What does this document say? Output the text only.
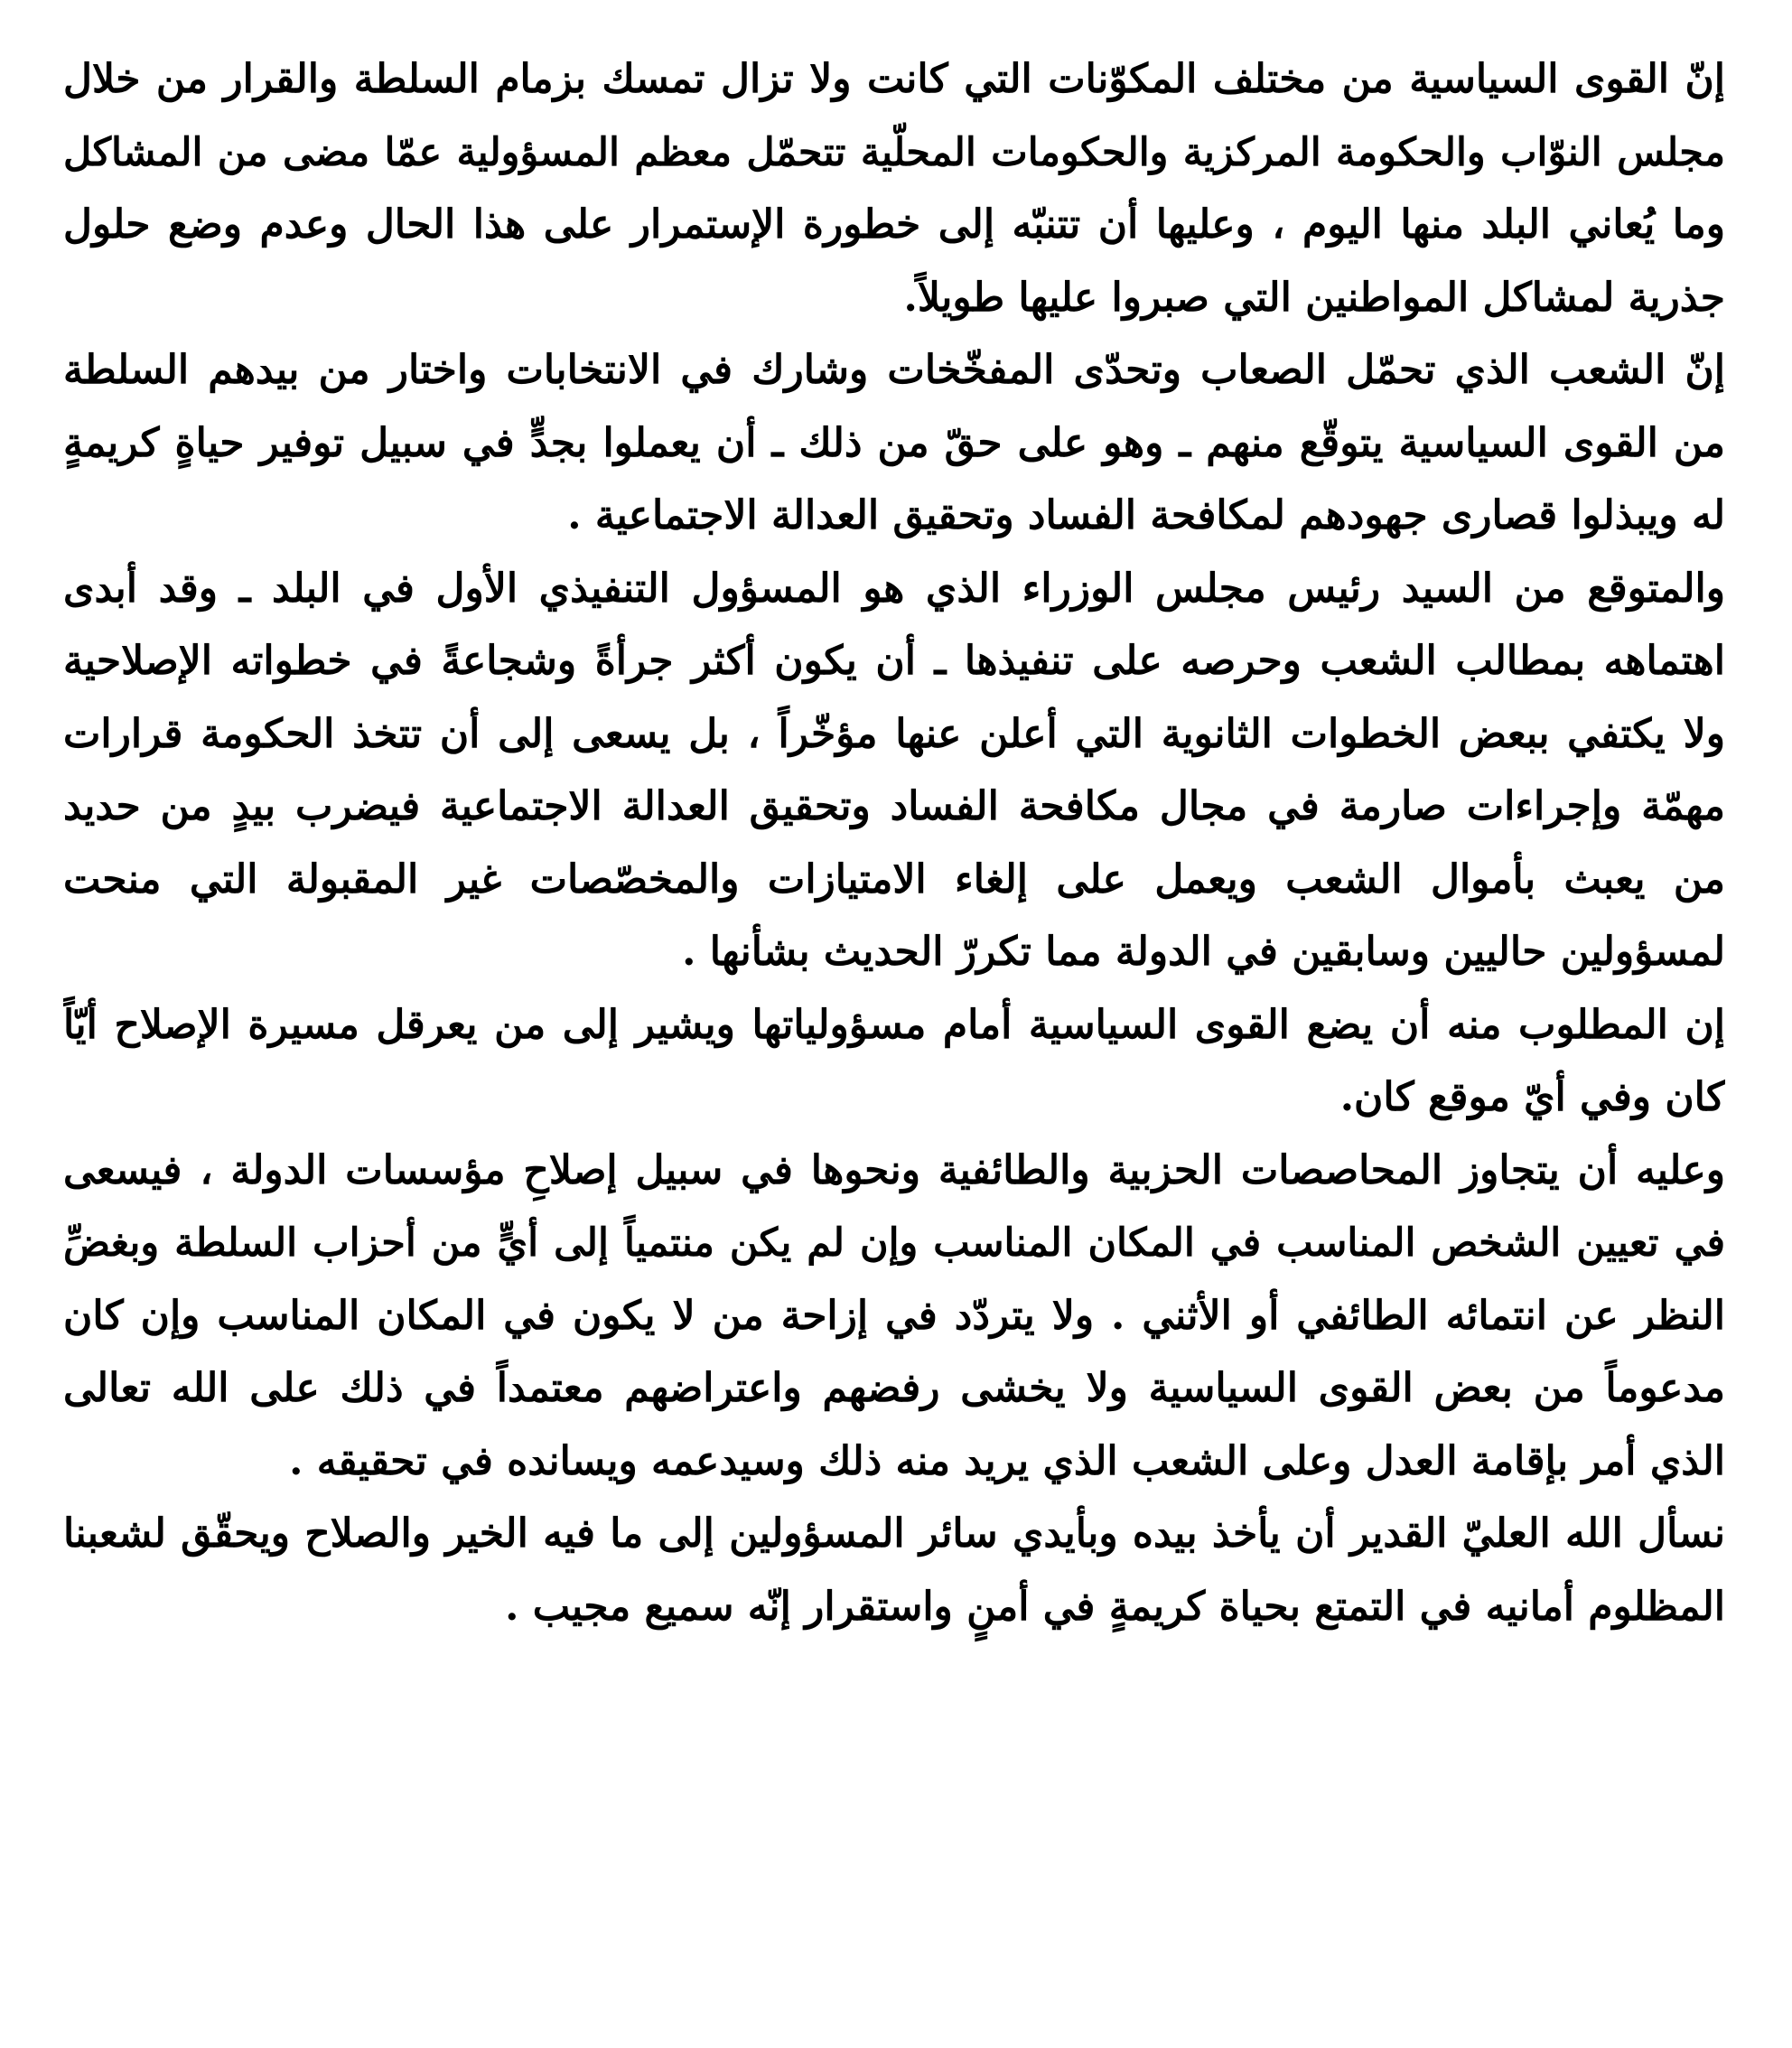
إنّ القوى السياسية من مختلف المكوّنات التي كانت ولا تزال تمسك بزمام السلطة والقرار من خلال
مجلس النوّاب والحكومة المركزية والحكومات المحلّية تتحمّل معظم المسؤولية عمّا مضى من المشاكل
وما يُعاني البلد منها اليوم ، وعليها أن تتنبّه إلى خطورة الإستمرار على هذا الحال وعدم وضع حلول
جذرية لمشاكل المواطنين التي صبروا عليها طويلاً.

إنّ الشعب الذي تحمّل الصعاب وتحدّى المفخّخات وشارك في الانتخابات واختار من بيدهم السلطة
من القوى السياسية يتوقّع منهم ـ وهو على حقّ من ذلك ـ أن يعملوا بجدٍّ في سبيل توفير حياةٍ كريمةٍ
له ويبذلوا قصارى جهودهم لمكافحة الفساد وتحقيق العدالة الاجتماعية .

والمتوقع من السيد رئيس مجلس الوزراء الذي هو المسؤول التنفيذي الأول في البلد ـ وقد أبدى
اهتماهه بمطالب الشعب وحرصه على تنفيذها ـ أن يكون أكثر جرأةً وشجاعةً في خطواته الإصلاحية
ولا يكتفي ببعض الخطوات الثانوية التي أعلن عنها مؤخّراً ، بل يسعى إلى أن تتخذ الحكومة قرارات
مهمّة وإجراءات صارمة في مجال مكافحة الفساد وتحقيق العدالة الاجتماعية فيضرب بيدٍ من حديد
من يعبث بأموال الشعب ويعمل على إلغاء الامتيازات والمخصّصات غير المقبولة التي منحت
لمسؤولين حاليين وسابقين في الدولة مما تكررّ الحديث بشأنها .

إن المطلوب منه أن يضع القوى السياسية أمام مسؤولياتها ويشير إلى من يعرقل مسيرة الإصلاح أيّاً
كان وفي أيّ موقع كان.

وعليه أن يتجاوز المحاصصات الحزبية والطائفية ونحوها في سبيل إصلاحِ مؤسسات الدولة ، فيسعى
في تعيين الشخص المناسب في المكان المناسب وإن لم يكن منتمياً إلى أيٍّ من أحزاب السلطة وبغضِّ
النظر عن انتمائه الطائفي أو الأثني . ولا يتردّد في إزاحة من لا يكون في المكان المناسب وإن كان
مدعوماً من بعض القوى السياسية ولا يخشى رفضهم واعتراضهم معتمداً في ذلك على الله تعالى
الذي أمر بإقامة العدل وعلى الشعب الذي يريد منه ذلك وسيدعمه ويسانده في تحقيقه .

نسأل الله العليّ القدير أن يأخذ بيده وبأيدي سائر المسؤولين إلى ما فيه الخير والصلاح ويحقّق لشعبنا
المظلوم أمانيه في التمتع بحياة كريمةٍ في أمنٍ واستقرار إنّه سميع مجيب .
